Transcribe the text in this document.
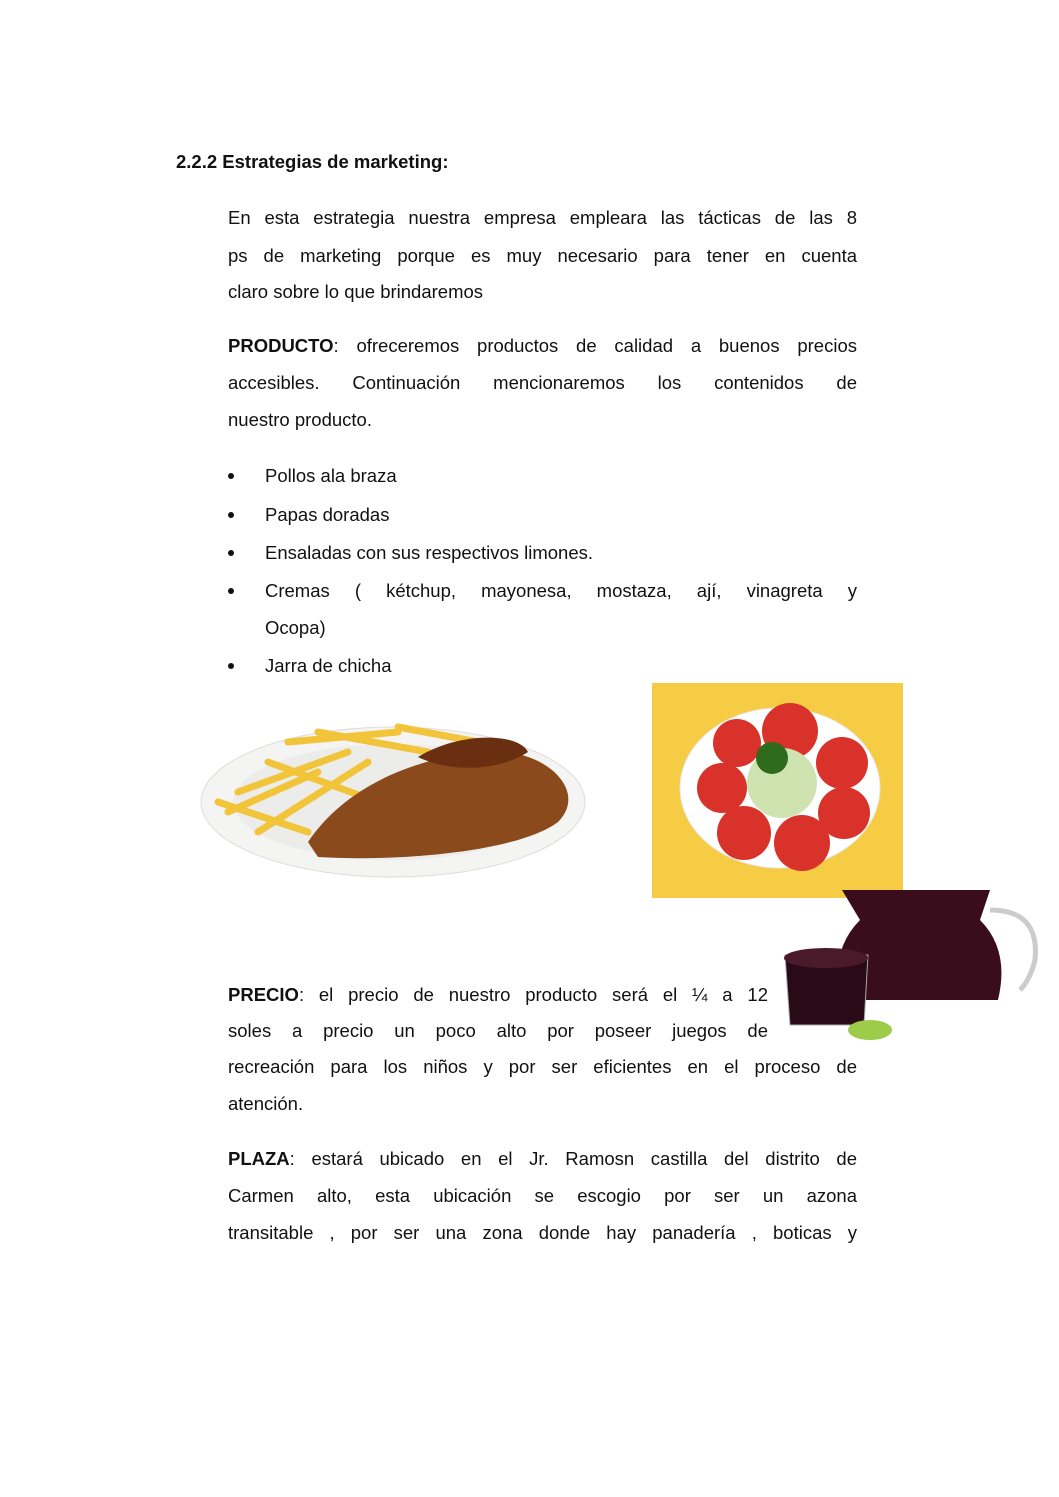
2.2.2 Estrategias de marketing:
En esta estrategia nuestra empresa empleara las tácticas de las 8
ps de marketing porque es muy necesario para tener en cuenta
claro sobre lo que brindaremos
PRODUCTO: ofreceremos productos de calidad a buenos precios
accesibles. Continuación mencionaremos los contenidos de
nuestro producto.
Pollos ala braza
Papas doradas
Ensaladas con sus respectivos limones.
Cremas ( kétchup, mayonesa, mostaza, ají, vinagreta y
Ocopa)
Jarra de chicha
PRECIO: el precio de nuestro producto será el ¼ a 12
soles a precio un poco alto por poseer juegos de
recreación para los niños y por ser eficientes en el proceso de
atención.
PLAZA: estará ubicado en el Jr. Ramosn castilla del distrito de
Carmen alto, esta ubicación se escogio por ser un azona
transitable , por ser una zona donde hay panadería , boticas y
